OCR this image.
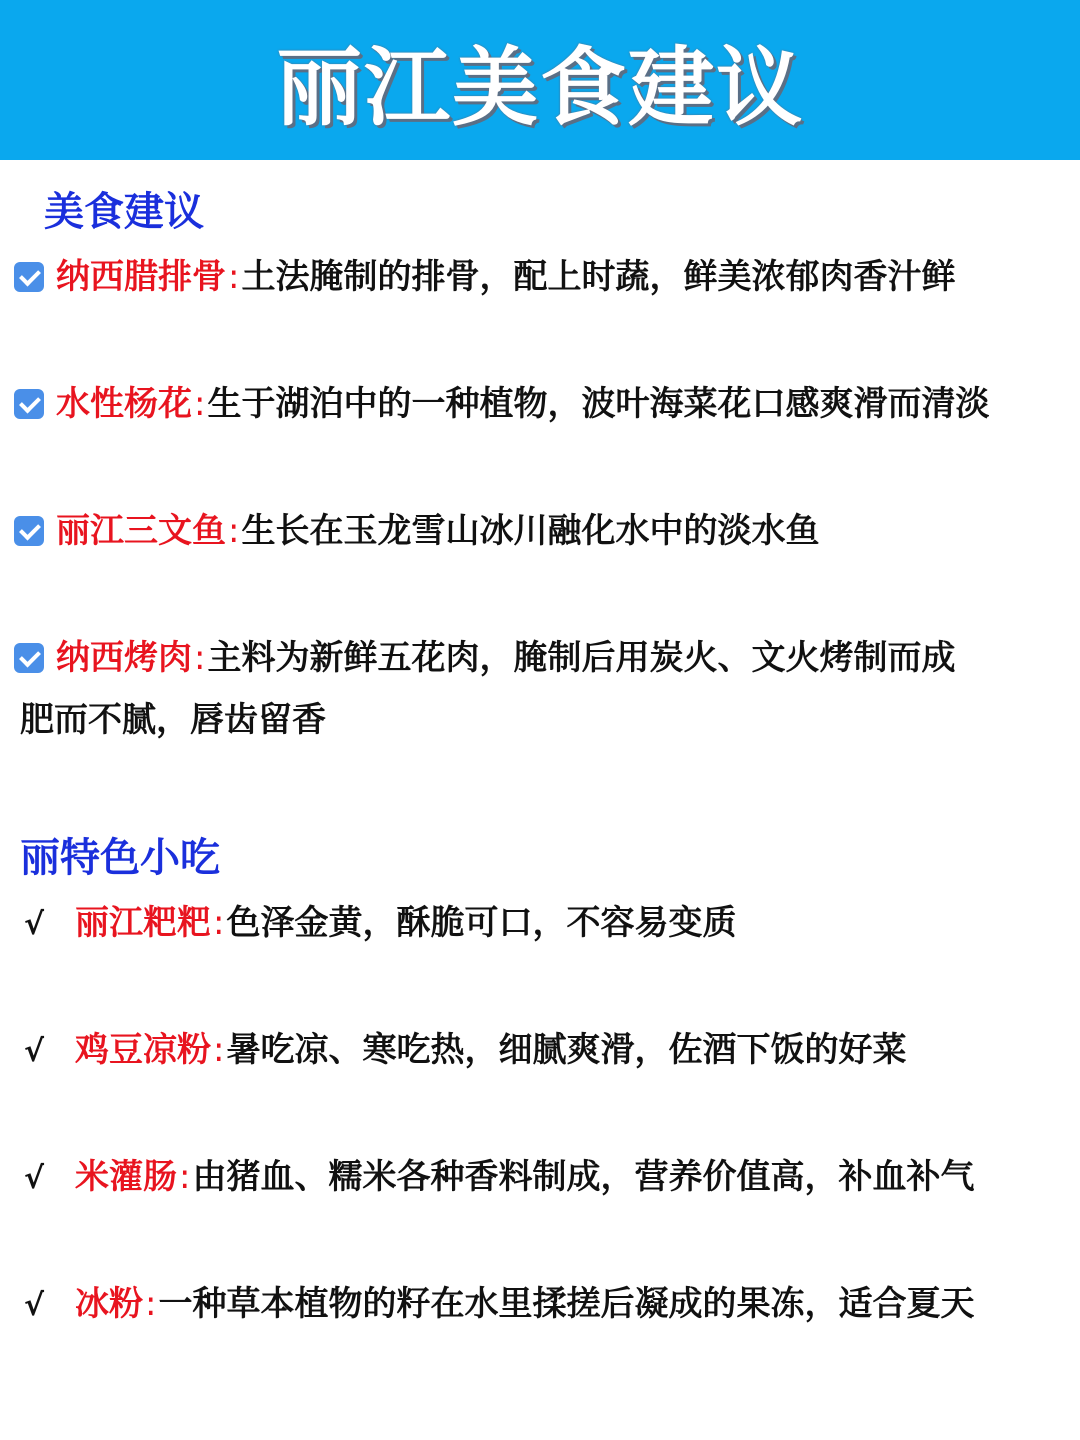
丽江美食建议
美食建议
纳西腊排骨:土法腌制的排骨，配上时蔬，鲜美浓郁肉香汁鲜
水性杨花:生于湖泊中的一种植物，波叶海菜花口感爽滑而清淡
丽江三文鱼:生长在玉龙雪山冰川融化水中的淡水鱼
纳西烤肉:主料为新鲜五花肉，腌制后用炭火、文火烤制而成
肥而不腻，唇齿留香
丽特色小吃
√ 丽江粑粑:色泽金黄，酥脆可口，不容易变质
√ 鸡豆凉粉:暑吃凉、寒吃热，细腻爽滑，佐酒下饭的好菜
√ 米灌肠:由猪血、糯米各种香料制成，营养价值高，补血补气
√ 冰粉:一种草本植物的籽在水里揉搓后凝成的果冻，适合夏天
